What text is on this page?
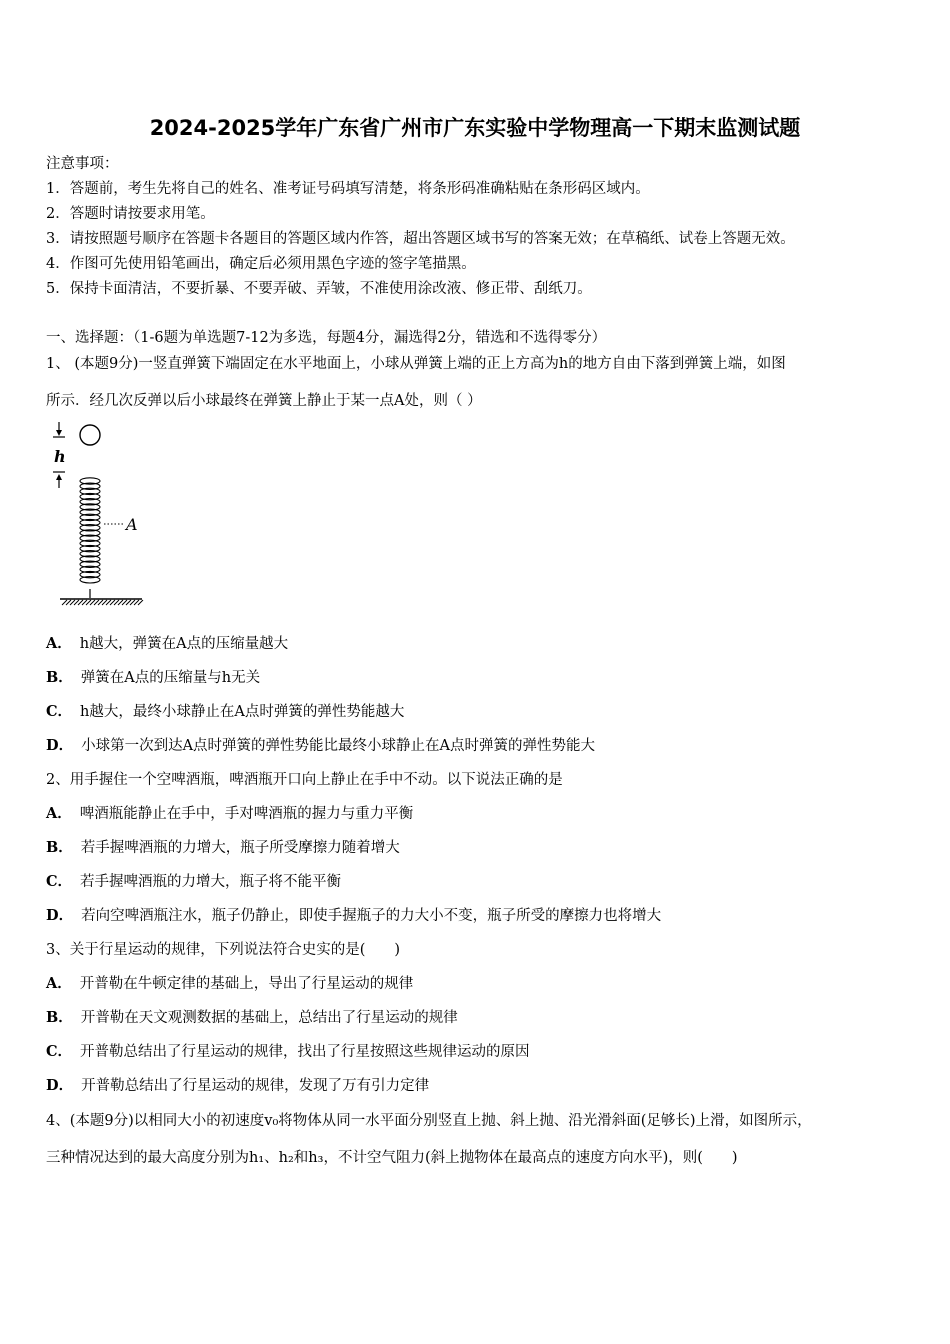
2024-2025学年广东省广州市广东实验中学物理高一下期末监测试题
注意事项：
1．答题前，考生先将自己的姓名、准考证号码填写清楚，将条形码准确粘贴在条形码区域内。
2．答题时请按要求用笔。
3．请按照题号顺序在答题卡各题目的答题区域内作答，超出答题区域书写的答案无效；在草稿纸、试卷上答题无效。
4．作图可先使用铅笔画出，确定后必须用黑色字迹的签字笔描黑。
5．保持卡面清洁，不要折暴、不要弄破、弄皱，不准使用涂改液、修正带、刮纸刀。
一、选择题：（1-6题为单选题7-12为多选，每题4分，漏选得2分，错选和不选得零分）
1、 (本题9分)一竖直弹簧下端固定在水平地面上，小球从弹簧上端的正上方高为h的地方自由下落到弹簧上端，如图
所示．经几次反弹以后小球最终在弹簧上静止于某一点A处，则（ ）
h
A
A． h越大，弹簧在A点的压缩量越大
B． 弹簧在A点的压缩量与h无关
C． h越大，最终小球静止在A点时弹簧的弹性势能越大
D． 小球第一次到达A点时弹簧的弹性势能比最终小球静止在A点时弹簧的弹性势能大
2、用手握住一个空啤酒瓶，啤酒瓶开口向上静止在手中不动。以下说法正确的是
A． 啤酒瓶能静止在手中，手对啤酒瓶的握力与重力平衡
B． 若手握啤酒瓶的力增大，瓶子所受摩擦力随着增大
C． 若手握啤酒瓶的力增大，瓶子将不能平衡
D． 若向空啤酒瓶注水，瓶子仍静止，即使手握瓶子的力大小不变，瓶子所受的摩擦力也将增大
3、关于行星运动的规律，下列说法符合史实的是(　　)
A． 开普勒在牛顿定律的基础上，导出了行星运动的规律
B． 开普勒在天文观测数据的基础上，总结出了行星运动的规律
C． 开普勒总结出了行星运动的规律，找出了行星按照这些规律运动的原因
D． 开普勒总结出了行星运动的规律，发现了万有引力定律
4、(本题9分)以相同大小的初速度v₀将物体从同一水平面分别竖直上抛、斜上抛、沿光滑斜面(足够长)上滑，如图所示，
三种情况达到的最大高度分别为h₁、h₂和h₃，不计空气阻力(斜上抛物体在最高点的速度方向水平)，则(　　)
